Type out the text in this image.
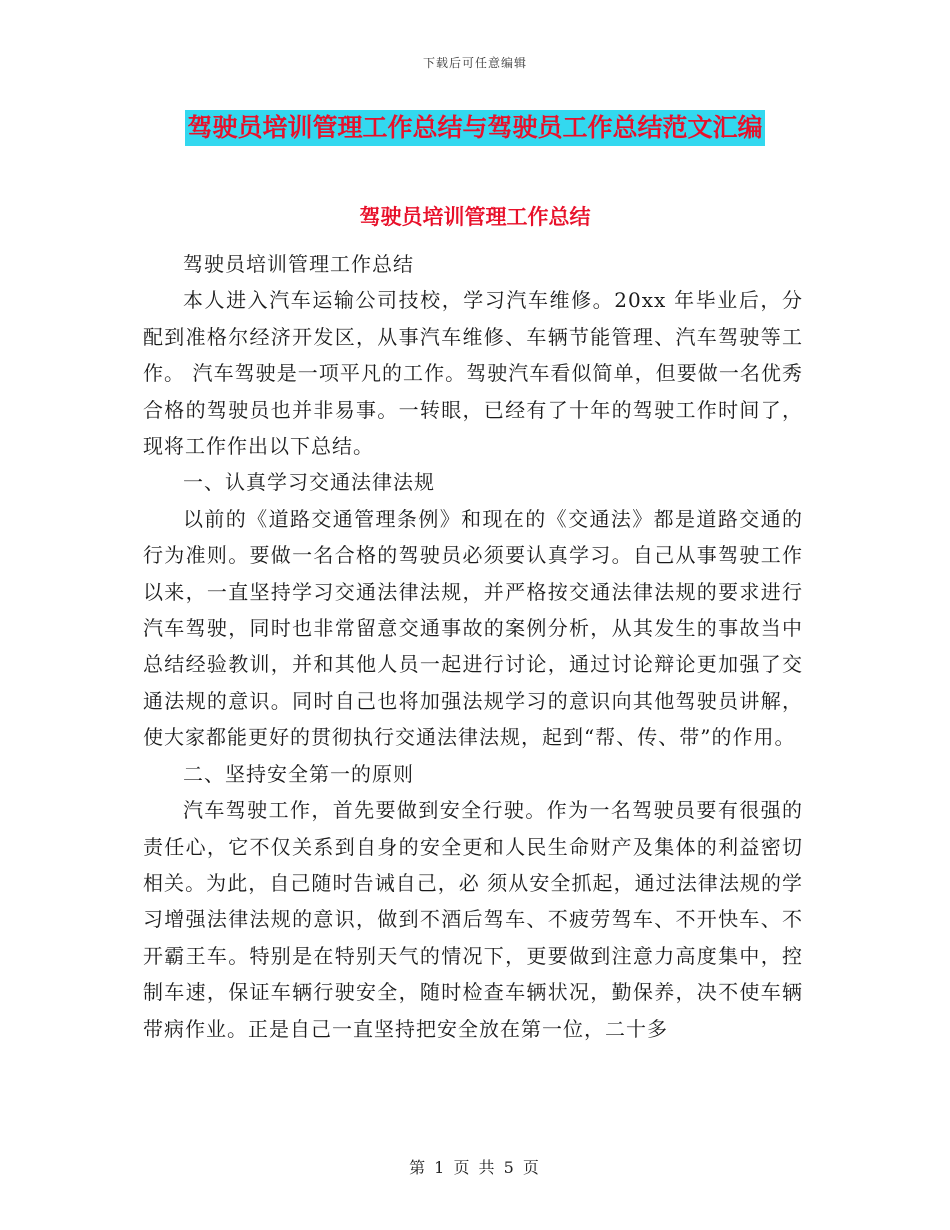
下载后可任意编辑
驾驶员培训管理工作总结与驾驶员工作总结范文汇编
驾驶员培训管理工作总结

驾驶员培训管理工作总结

本人进入汽车运输公司技校，学习汽车维修。20xx 年毕业后，分配到准格尔经济开发区，从事汽车维修、车辆节能管理、汽车驾驶等工作。 汽车驾驶是一项平凡的工作。驾驶汽车看似简单，但要做一名优秀合格的驾驶员也并非易事。一转眼，已经有了十年的驾驶工作时间了，现将工作作出以下总结。

一、认真学习交通法律法规

以前的《道路交通管理条例》和现在的《交通法》都是道路交通的行为准则。要做一名合格的驾驶员必须要认真学习。自己从事驾驶工作以来，一直坚持学习交通法律法规，并严格按交通法律法规的要求进行汽车驾驶，同时也非常留意交通事故的案例分析，从其发生的事故当中总结经验教训，并和其他人员一起进行讨论，通过讨论辩论更加强了交通法规的意识。同时自己也将加强法规学习的意识向其他驾驶员讲解，使大家都能更好的贯彻执行交通法律法规，起到“帮、传、带”的作用。

二、坚持安全第一的原则

汽车驾驶工作，首先要做到安全行驶。作为一名驾驶员要有很强的责任心，它不仅关系到自身的安全更和人民生命财产及集体的利益密切相关。为此，自己随时告诫自己，必 须从安全抓起，通过法律法规的学习增强法律法规的意识，做到不酒后驾车、不疲劳驾车、不开快车、不开霸王车。特别是在特别天气的情况下，更要做到注意力高度集中，控制车速，保证车辆行驶安全，随时检查车辆状况，勤保养，决不使车辆带病作业。正是自己一直坚持把安全放在第一位，二十多

第 1 页 共 5 页
